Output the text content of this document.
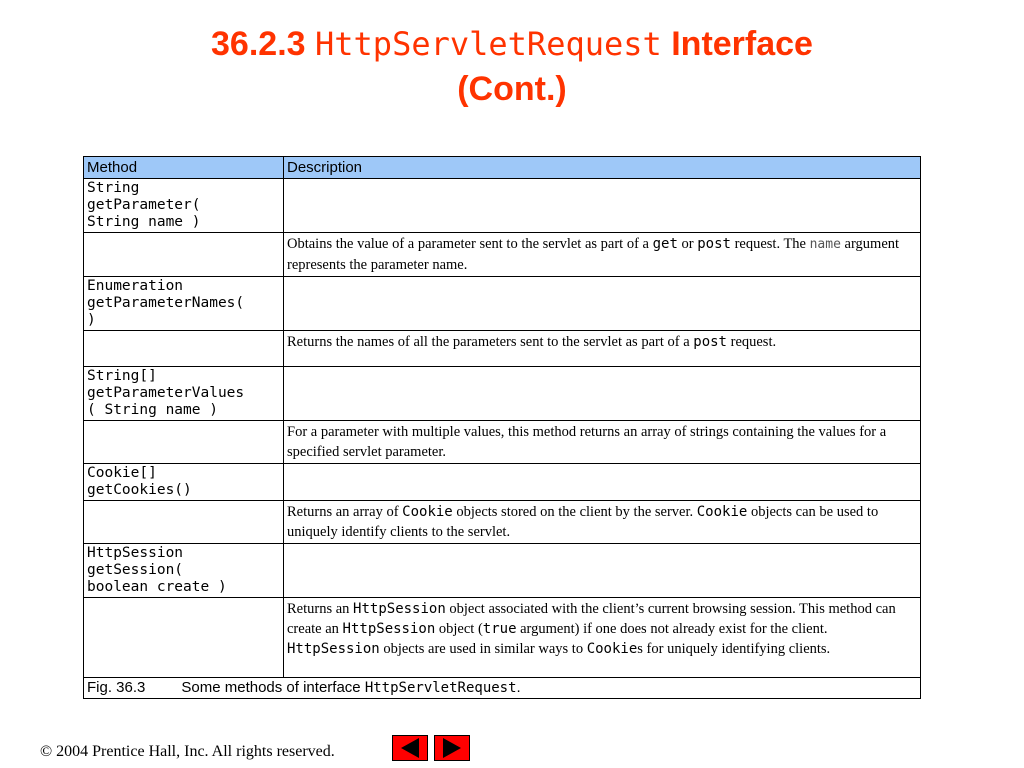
36.2.3 HttpServletRequest Interface
(Cont.)
Method	Description
String
getParameter(
String name )	
	Obtains the value of a parameter sent to the servlet as part of a get or post request. The name argument represents the parameter name.
Enumeration
getParameterNames(
)	
	Returns the names of all the parameters sent to the servlet as part of a post request.
String[]
getParameterValues
( String name )	
	For a parameter with multiple values, this method returns an array of strings containing the values for a specified servlet parameter.
Cookie[]
getCookies()	
	Returns an array of Cookie objects stored on the client by the server. Cookie objects can be used to uniquely identify clients to the servlet.
HttpSession
getSession(
boolean create )	
	Returns an HttpSession object associated with the client’s current browsing session. This method can create an HttpSession object (true argument) if one does not already exist for the client. HttpSession objects are used in similar ways to Cookies for uniquely identifying clients.
Fig. 36.3 Some methods of interface HttpServletRequest.	
© 2004 Prentice Hall, Inc. All rights reserved.
